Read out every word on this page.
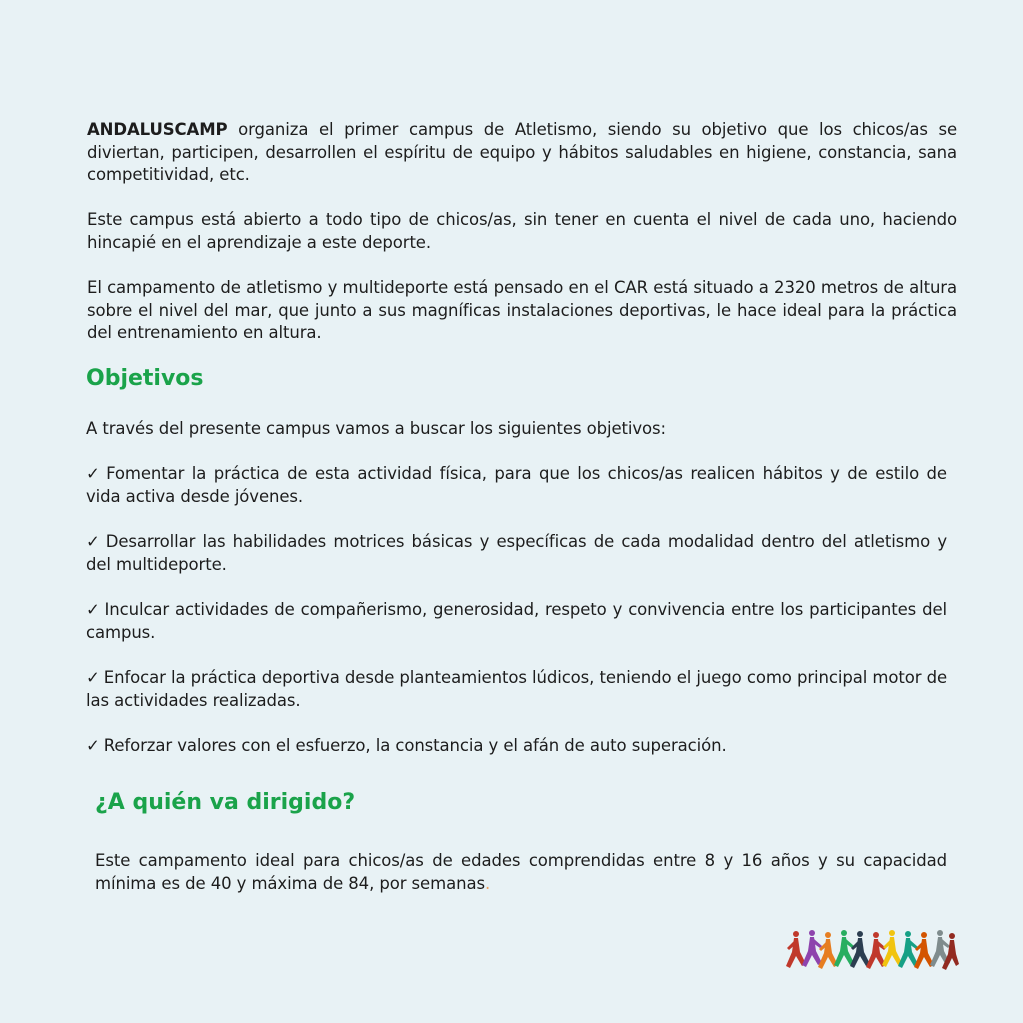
ANDALUSCAMP organiza el primer campus de Atletismo, siendo su objetivo que los chicos/as se diviertan, participen, desarrollen el espíritu de equipo y hábitos saludables en higiene, constancia, sana competitividad, etc.

Este campus está abierto a todo tipo de chicos/as, sin tener en cuenta el nivel de cada uno, haciendo hincapié en el aprendizaje a este deporte.

El campamento de atletismo y multideporte está pensado en el CAR está situado a 2320 metros de altura sobre el nivel del mar, que junto a sus magníficas instalaciones deportivas, le hace ideal para la práctica del entrenamiento en altura.

Objetivos

A través del presente campus vamos a buscar los siguientes objetivos:

✓ Fomentar la práctica de esta actividad física, para que los chicos/as realicen hábitos y de estilo de vida activa desde jóvenes.

✓ Desarrollar las habilidades motrices básicas y específicas de cada modalidad dentro del atletismo y del multideporte.

✓ Inculcar actividades de compañerismo, generosidad, respeto y convivencia entre los participantes del campus.

✓ Enfocar la práctica deportiva desde planteamientos lúdicos, teniendo el juego como principal motor de las actividades realizadas.

✓ Reforzar valores con el esfuerzo, la constancia y el afán de auto superación.

¿A quién va dirigido?

Este campamento ideal para chicos/as de edades comprendidas entre 8 y 16 años y su capacidad mínima es de 40 y máxima de 84, por semanas.
